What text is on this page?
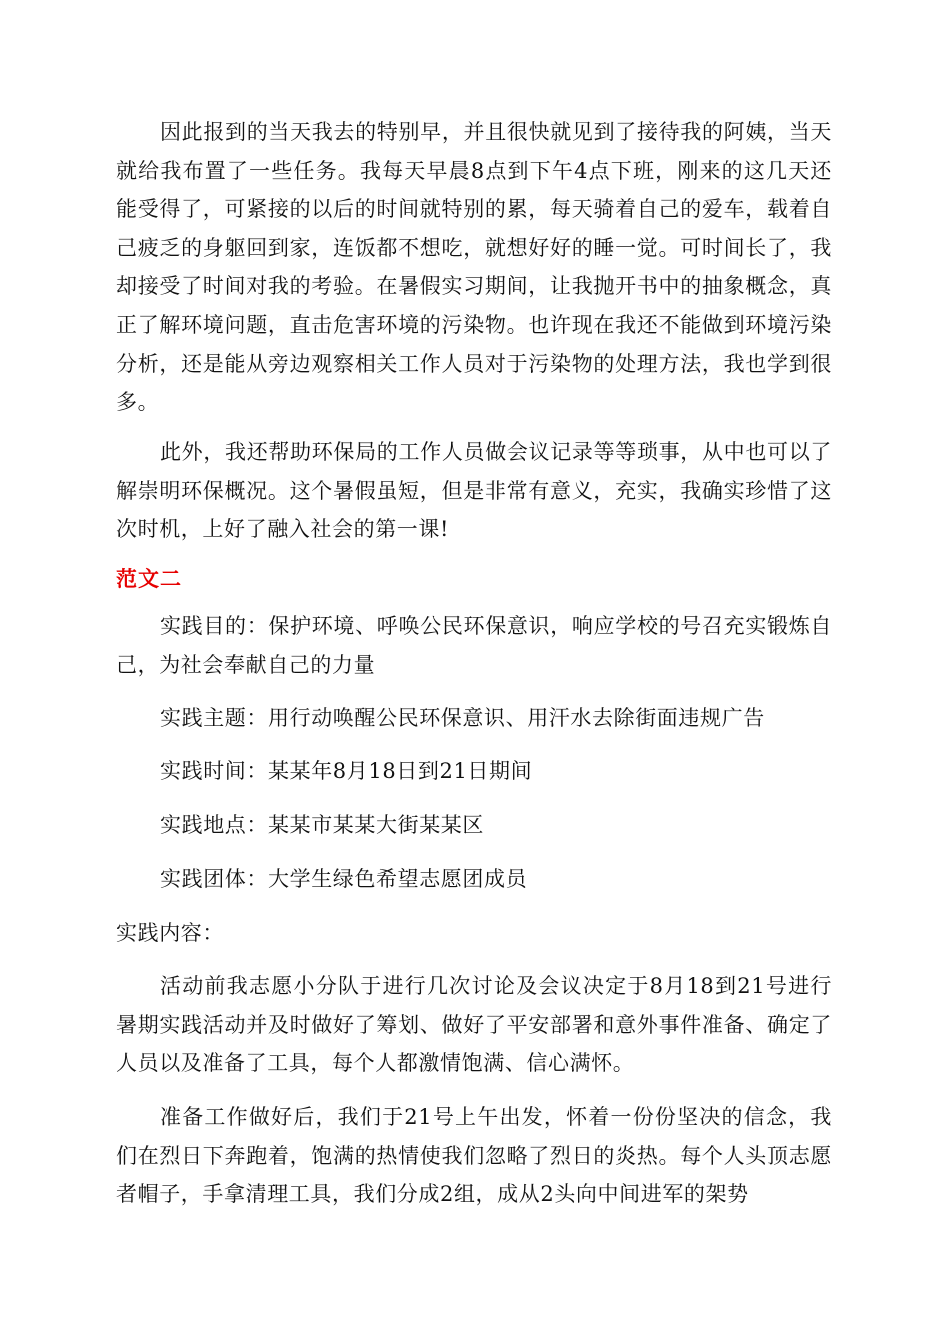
因此报到的当天我去的特别早，并且很快就见到了接待我的阿姨，当天就给我布置了一些任务。我每天早晨8点到下午4点下班，刚来的这几天还能受得了，可紧接的以后的时间就特别的累，每天骑着自己的爱车，载着自己疲乏的身躯回到家，连饭都不想吃，就想好好的睡一觉。可时间长了，我却接受了时间对我的考验。在暑假实习期间，让我抛开书中的抽象概念，真正了解环境问题，直击危害环境的污染物。也许现在我还不能做到环境污染分析，还是能从旁边观察相关工作人员对于污染物的处理方法，我也学到很多。

此外，我还帮助环保局的工作人员做会议记录等等琐事，从中也可以了解崇明环保概况。这个暑假虽短，但是非常有意义，充实，我确实珍惜了这次时机，上好了融入社会的第一课!

范文二

实践目的：保护环境、呼唤公民环保意识，响应学校的号召充实锻炼自己，为社会奉献自己的力量

实践主题：用行动唤醒公民环保意识、用汗水去除街面违规广告

实践时间：某某年8月18日到21日期间

实践地点：某某市某某大街某某区

实践团体：大学生绿色希望志愿团成员

实践内容：

活动前我志愿小分队于进行几次讨论及会议决定于8月18到21号进行暑期实践活动并及时做好了筹划、做好了平安部署和意外事件准备、确定了人员以及准备了工具，每个人都激情饱满、信心满怀。

准备工作做好后，我们于21号上午出发，怀着一份份坚决的信念，我们在烈日下奔跑着，饱满的热情使我们忽略了烈日的炎热。每个人头顶志愿者帽子，手拿清理工具，我们分成2组，成从2头向中间进军的架势
